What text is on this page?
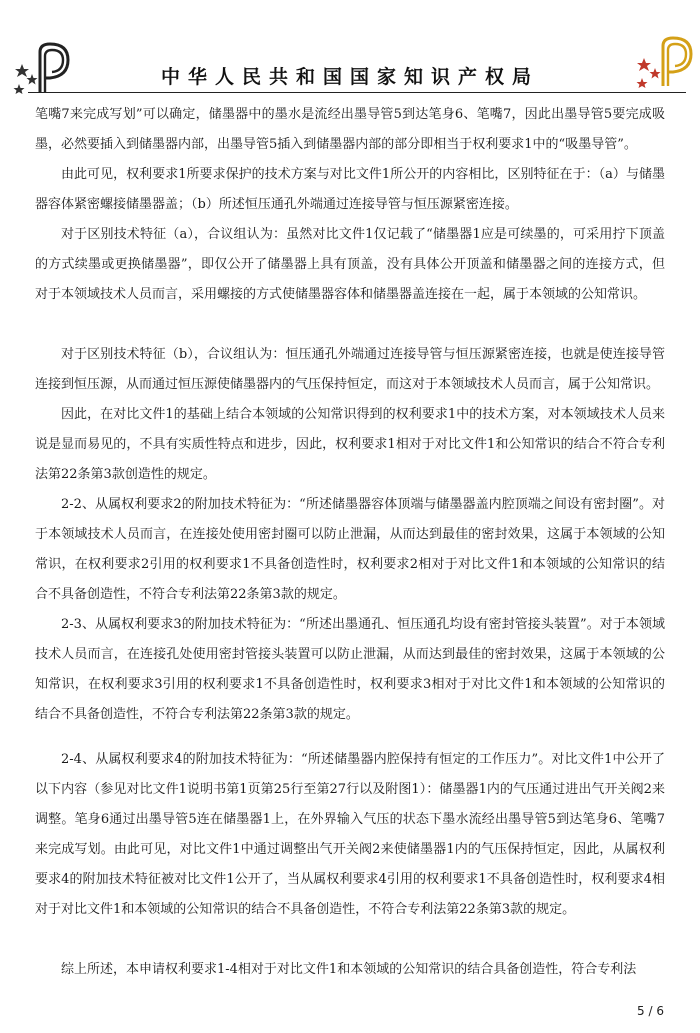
中华人民共和国国家知识产权局

笔嘴7来完成写划”可以确定，储墨器中的墨水是流经出墨导管5到达笔身6、笔嘴7，因此出墨导管5要完成吸墨，必然要插入到储墨器内部，出墨导管5插入到储墨器内部的部分即相当于权利要求1中的“吸墨导管”。

由此可见，权利要求1所要求保护的技术方案与对比文件1所公开的内容相比，区别特征在于：（a）与储墨器容体紧密螺接储墨器盖；（b）所述恒压通孔外端通过连接导管与恒压源紧密连接。

对于区别技术特征（a），合议组认为：虽然对比文件1仅记载了“储墨器1应是可续墨的，可采用拧下顶盖的方式续墨或更换储墨器”，即仅公开了储墨器上具有顶盖，没有具体公开顶盖和储墨器之间的连接方式，但对于本领域技术人员而言，采用螺接的方式使储墨器容体和储墨器盖连接在一起，属于本领域的公知常识。

对于区别技术特征（b），合议组认为：恒压通孔外端通过连接导管与恒压源紧密连接，也就是使连接导管连接到恒压源，从而通过恒压源使储墨器内的气压保持恒定，而这对于本领域技术人员而言，属于公知常识。

因此，在对比文件1的基础上结合本领域的公知常识得到的权利要求1中的技术方案，对本领域技术人员来说是显而易见的，不具有实质性特点和进步，因此，权利要求1相对于对比文件1和公知常识的结合不符合专利法第22条第3款创造性的规定。

2-2、从属权利要求2的附加技术特征为：“所述储墨器容体顶端与储墨器盖内腔顶端之间设有密封圈”。对于本领域技术人员而言，在连接处使用密封圈可以防止泄漏，从而达到最佳的密封效果，这属于本领域的公知常识，在权利要求2引用的权利要求1不具备创造性时，权利要求2相对于对比文件1和本领域的公知常识的结合不具备创造性，不符合专利法第22条第3款的规定。

2-3、从属权利要求3的附加技术特征为：“所述出墨通孔、恒压通孔均设有密封管接头装置”。对于本领域技术人员而言，在连接孔处使用密封管接头装置可以防止泄漏，从而达到最佳的密封效果，这属于本领域的公知常识，在权利要求3引用的权利要求1不具备创造性时，权利要求3相对于对比文件1和本领域的公知常识的结合不具备创造性，不符合专利法第22条第3款的规定。

2-4、从属权利要求4的附加技术特征为：“所述储墨器内腔保持有恒定的工作压力”。对比文件1中公开了以下内容（参见对比文件1说明书第1页第25行至第27行以及附图1）：储墨器1内的气压通过进出气开关阀2来调整。笔身6通过出墨导管5连在储墨器1上，在外界输入气压的状态下墨水流经出墨导管5到达笔身6、笔嘴7来完成写划。由此可见，对比文件1中通过调整出气开关阀2来使储墨器1内的气压保持恒定，因此，从属权利要求4的附加技术特征被对比文件1公开了，当从属权利要求4引用的权利要求1不具备创造性时，权利要求4相对于对比文件1和本领域的公知常识的结合不具备创造性，不符合专利法第22条第3款的规定。

综上所述，本申请权利要求1-4相对于对比文件1和本领域的公知常识的结合具备创造性，符合专利法

5 / 6
